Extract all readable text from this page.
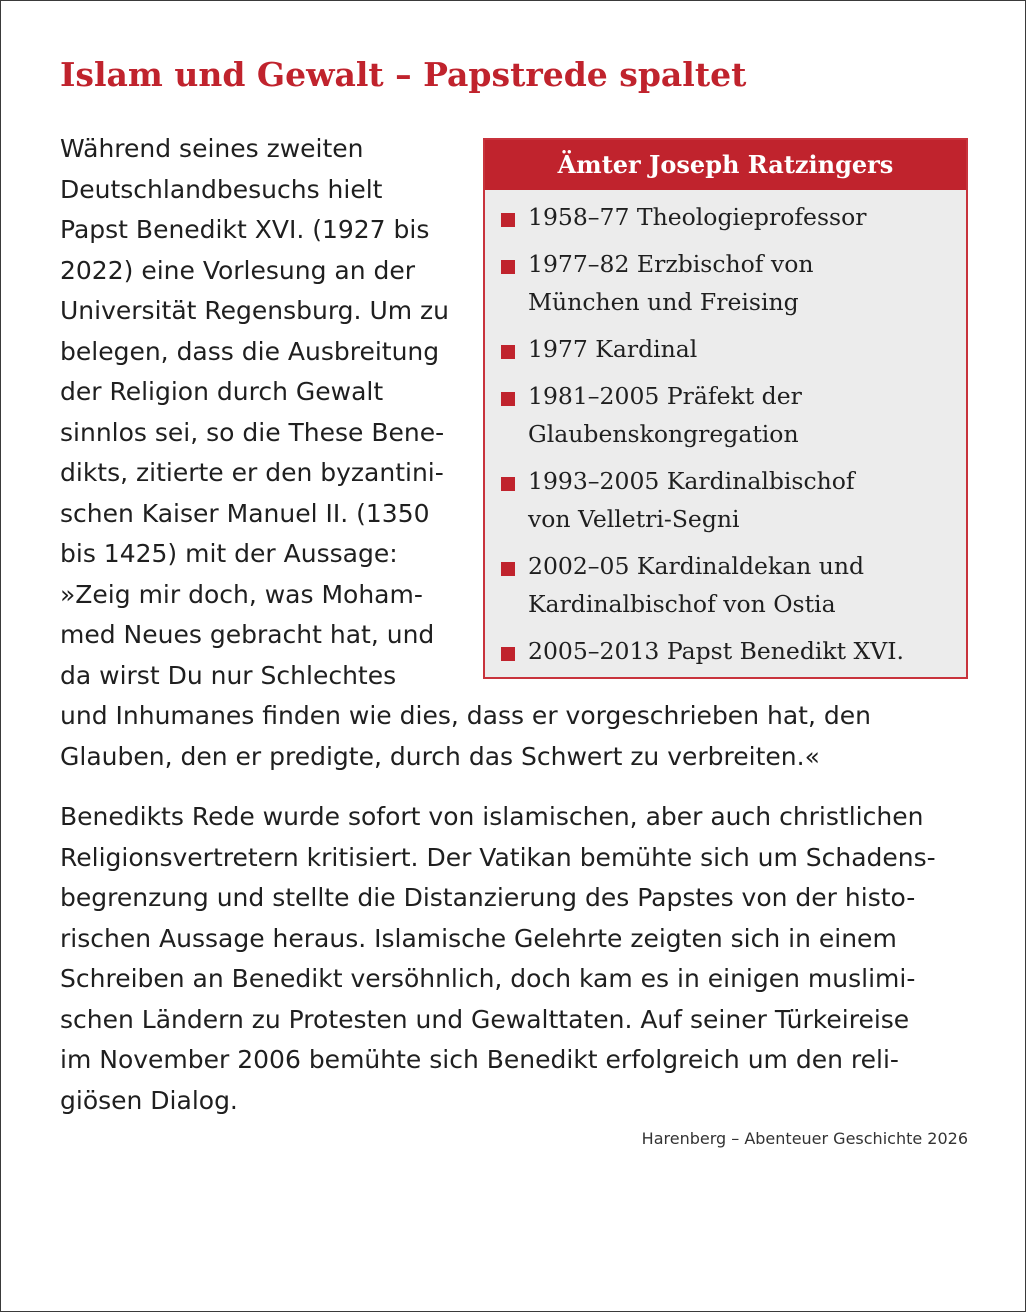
Islam und Gewalt – Papstrede spaltet
Während seines zweiten
Deutschlandbesuchs hielt
Papst Benedikt XVI. (1927 bis
2022) eine Vorlesung an der
Universität Regensburg. Um zu
belegen, dass die Ausbreitung
der Religion durch Gewalt
sinnlos sei, so die These Bene-
dikts, zitierte er den byzantini-
schen Kaiser Manuel II. (1350
bis 1425) mit der Aussage:
»Zeig mir doch, was Moham-
med Neues gebracht hat, und
da wirst Du nur Schlechtes
Ämter Joseph Ratzingers
1958–77 Theologieprofessor
1977–82 Erzbischof von
München und Freising
1977 Kardinal
1981–2005 Präfekt der
Glaubenskongregation
1993–2005 Kardinalbischof
von Velletri-Segni
2002–05 Kardinaldekan und
Kardinalbischof von Ostia
2005–2013 Papst Benedikt XVI.
und Inhumanes finden wie dies, dass er vorgeschrieben hat, den
Glauben, den er predigte, durch das Schwert zu verbreiten.«
Benedikts Rede wurde sofort von islamischen, aber auch christlichen
Religionsvertretern kritisiert. Der Vatikan bemühte sich um Schadens-
begrenzung und stellte die Distanzierung des Papstes von der histo-
rischen Aussage heraus. Islamische Gelehrte zeigten sich in einem
Schreiben an Benedikt versöhnlich, doch kam es in einigen muslimi-
schen Ländern zu Protesten und Gewalttaten. Auf seiner Türkeireise
im November 2006 bemühte sich Benedikt erfolgreich um den reli-
giösen Dialog.
Harenberg – Abenteuer Geschichte 2026
